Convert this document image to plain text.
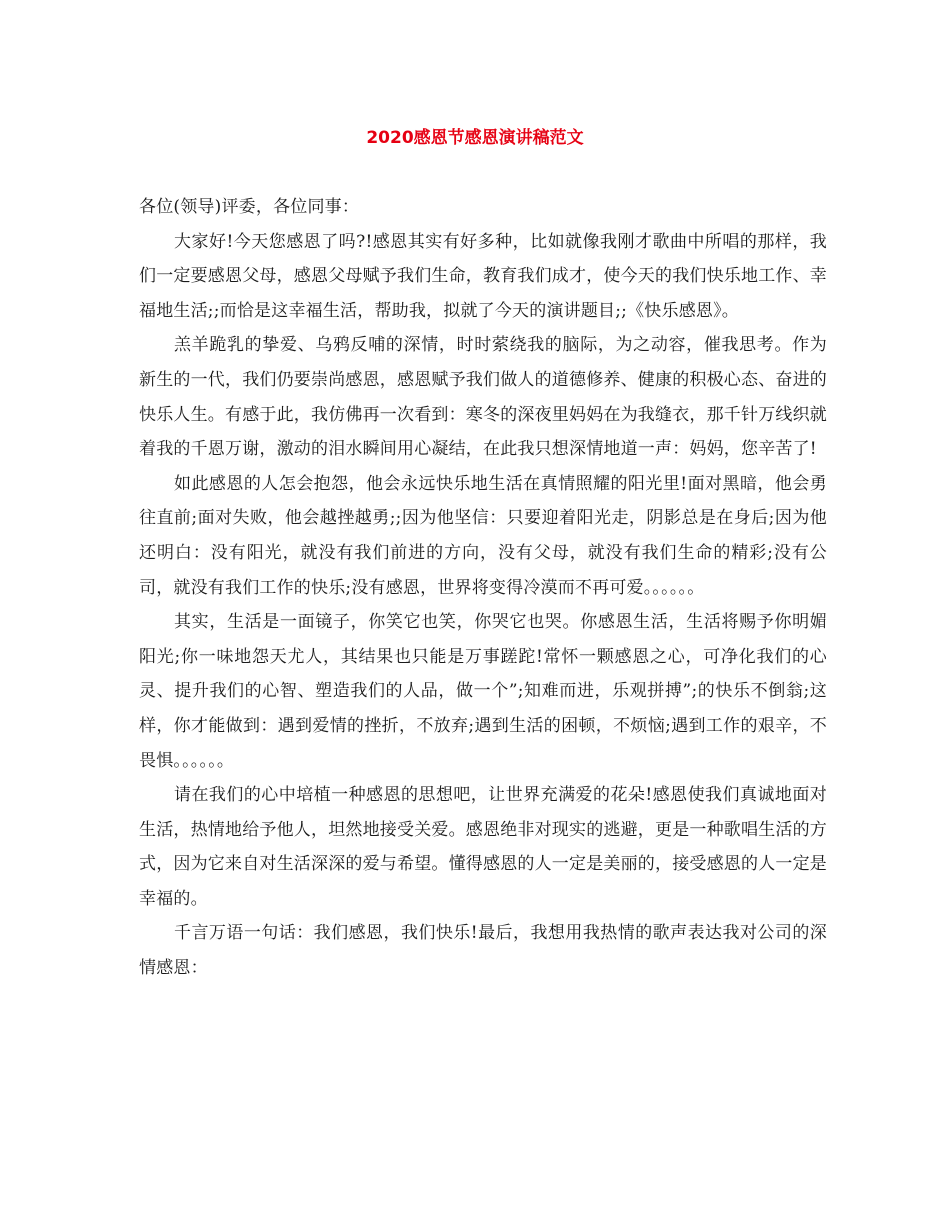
2020感恩节感恩演讲稿范文

各位(领导)评委，各位同事：

大家好!今天您感恩了吗?!感恩其实有好多种，比如就像我刚才歌曲中所唱的那样，我们一定要感恩父母，感恩父母赋予我们生命，教育我们成才，使今天的我们快乐地工作、幸福地生活;;而恰是这幸福生活，帮助我，拟就了今天的演讲题目;;《快乐感恩》。

羔羊跪乳的挚爱、乌鸦反哺的深情，时时萦绕我的脑际，为之动容，催我思考。作为新生的一代，我们仍要崇尚感恩，感恩赋予我们做人的道德修养、健康的积极心态、奋进的快乐人生。有感于此，我仿佛再一次看到：寒冬的深夜里妈妈在为我缝衣，那千针万线织就着我的千恩万谢，激动的泪水瞬间用心凝结，在此我只想深情地道一声：妈妈，您辛苦了!

如此感恩的人怎会抱怨，他会永远快乐地生活在真情照耀的阳光里!面对黑暗，他会勇往直前;面对失败，他会越挫越勇;;因为他坚信：只要迎着阳光走，阴影总是在身后;因为他还明白：没有阳光，就没有我们前进的方向，没有父母，就没有我们生命的精彩;没有公司，就没有我们工作的快乐;没有感恩，世界将变得冷漠而不再可爱。。。。。。

其实，生活是一面镜子，你笑它也笑，你哭它也哭。你感恩生活，生活将赐予你明媚阳光;你一味地怨天尤人，其结果也只能是万事蹉跎!常怀一颗感恩之心，可净化我们的心灵、提升我们的心智、塑造我们的人品，做一个”;知难而进，乐观拼搏”;的快乐不倒翁;这样，你才能做到：遇到爱情的挫折，不放弃;遇到生活的困顿，不烦恼;遇到工作的艰辛，不畏惧。。。。。。

请在我们的心中培植一种感恩的思想吧，让世界充满爱的花朵!感恩使我们真诚地面对生活，热情地给予他人，坦然地接受关爱。感恩绝非对现实的逃避，更是一种歌唱生活的方式，因为它来自对生活深深的爱与希望。懂得感恩的人一定是美丽的，接受感恩的人一定是幸福的。

千言万语一句话：我们感恩，我们快乐!最后，我想用我热情的歌声表达我对公司的深情感恩：
